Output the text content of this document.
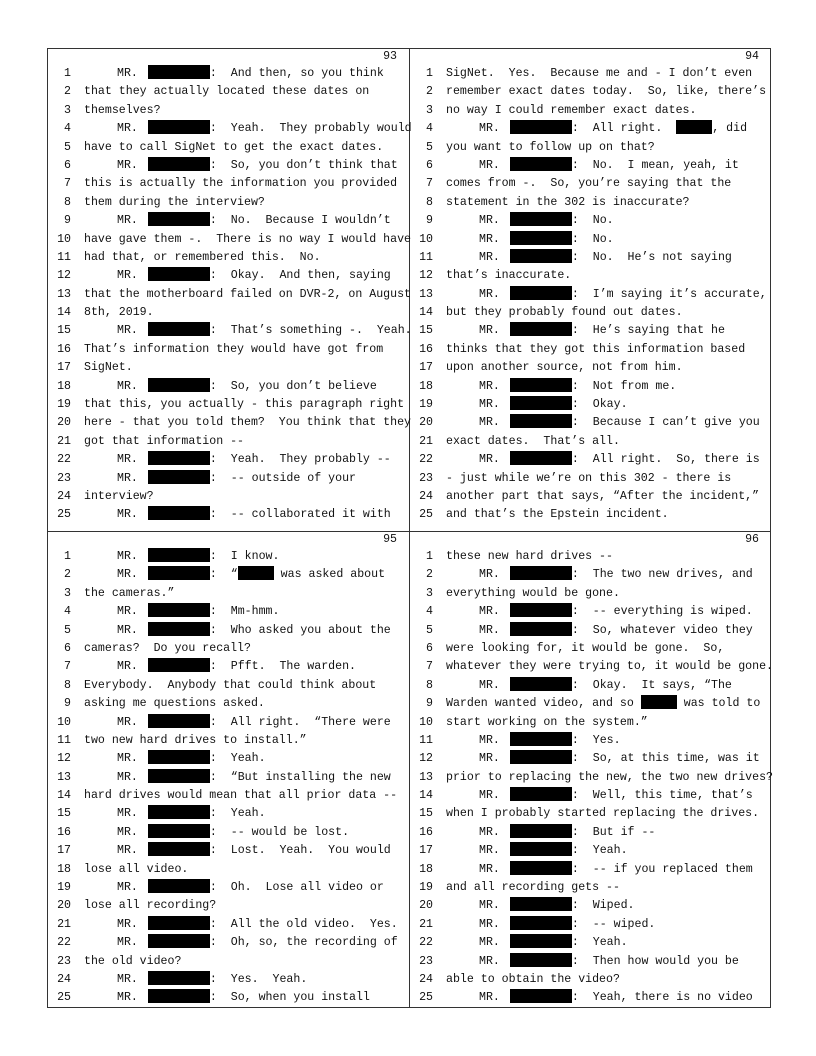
93
1	MR.	:  And then, so you think
2 that they actually located these dates on
3 themselves?
4	MR.	:  Yeah.  They probably would
5 have to call SigNet to get the exact dates.
6	MR.	:  So, you don’t think that
7 this is actually the information you provided
8 them during the interview?
9	MR.	:  No.  Because I wouldn’t
10 have gave them -.  There is no way I would have
11 had that, or remembered this.  No.
12	MR.	:  Okay.  And then, saying
13 that the motherboard failed on DVR-2, on August
14 8th, 2019.
15	MR.	:  That’s something -.  Yeah.
16 That’s information they would have got from
17 SigNet.
18	MR.	:  So, you don’t believe
19 that this, you actually - this paragraph right
20 here - that you told them?  You think that they
21 got that information --
22	MR.	:  Yeah.  They probably --
23	MR.	:  -- outside of your
24 interview?
25	MR.	:  -- collaborated it with
94
1 SigNet.  Yes.  Because me and - I don’t even
2 remember exact dates today.  So, like, there’s
3 no way I could remember exact dates.
4	MR.	:  All right.	, did
5 you want to follow up on that?
6	MR.	:  No.  I mean, yeah, it
7 comes from -.  So, you’re saying that the
8 statement in the 302 is inaccurate?
9	MR.	:  No.
10	MR.	:  No.
11	MR.	:  No.  He’s not saying
12 that’s inaccurate.
13	MR.	:  I’m saying it’s accurate,
14 but they probably found out dates.
15	MR.	:  He’s saying that he
16 thinks that they got this information based
17 upon another source, not from him.
18	MR.	:  Not from me.
19	MR.	:  Okay.
20	MR.	:  Because I can’t give you
21 exact dates.  That’s all.
22	MR.	:  All right.  So, there is
23 - just while we’re on this 302 - there is
24 another part that says, “After the incident,”
25 and that’s the Epstein incident.
95
1	MR.	:  I know.
2	MR.	:  “	was asked about
3 the cameras.”
4	MR.	:  Mm-hmm.
5	MR.	:  Who asked you about the
6 cameras?  Do you recall?
7	MR.	:  Pfft.  The warden.
8 Everybody.  Anybody that could think about
9 asking me questions asked.
10	MR.	:  All right.  “There were
11 two new hard drives to install.”
12	MR.	:  Yeah.
13	MR.	:  “But installing the new
14 hard drives would mean that all prior data --
15	MR.	:  Yeah.
16	MR.	:  -- would be lost.
17	MR.	:  Lost.  Yeah.  You would
18 lose all video.
19	MR.	:  Oh.  Lose all video or
20 lose all recording?
21	MR.	:  All the old video.  Yes.
22	MR.	:  Oh, so, the recording of
23 the old video?
24	MR.	:  Yes.  Yeah.
25	MR.	:  So, when you install
96
1 these new hard drives --
2	MR.	:  The two new drives, and
3 everything would be gone.
4	MR.	:  -- everything is wiped.
5	MR.	:  So, whatever video they
6 were looking for, it would be gone.  So,
7 whatever they were trying to, it would be gone.
8	MR.	:  Okay.  It says, “The
9 Warden wanted video, and so	was told to
10 start working on the system.”
11	MR.	:  Yes.
12	MR.	:  So, at this time, was it
13 prior to replacing the new, the two new drives?
14	MR.	:  Well, this time, that’s
15 when I probably started replacing the drives.
16	MR.	:  But if --
17	MR.	:  Yeah.
18	MR.	:  -- if you replaced them
19 and all recording gets --
20	MR.	:  Wiped.
21	MR.	:  -- wiped.
22	MR.	:  Yeah.
23	MR.	:  Then how would you be
24 able to obtain the video?
25	MR.	:  Yeah, there is no video
